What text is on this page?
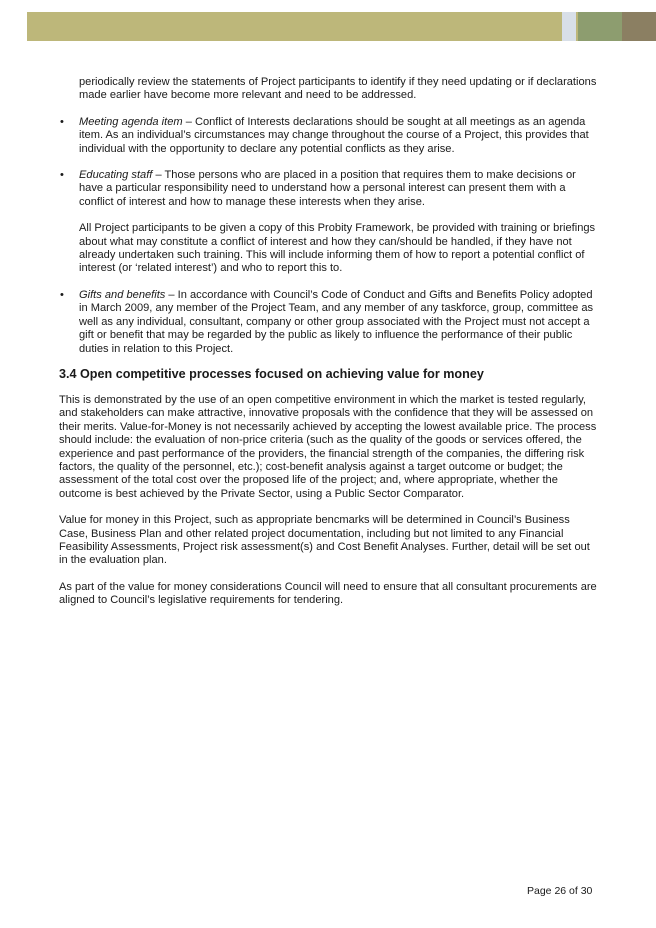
periodically review the statements of Project participants to identify if they need updating or if declarations made earlier have become more relevant and need to be addressed.

• Meeting agenda item – Conflict of Interests declarations should be sought at all meetings as an agenda item. As an individual’s circumstances may change throughout the course of a Project, this provides that individual with the opportunity to declare any potential conflicts as they arise.

• Educating staff – Those persons who are placed in a position that requires them to make decisions or have a particular responsibility need to understand how a personal interest can present them with a conflict of interest and how to manage these interests when they arise.

All Project participants to be given a copy of this Probity Framework, be provided with training or briefings about what may constitute a conflict of interest and how they can/should be handled, if they have not already undertaken such training. This will include informing them of how to report a potential conflict of interest (or ‘related interest’) and who to report this to.

• Gifts and benefits – In accordance with Council’s Code of Conduct and Gifts and Benefits Policy adopted in March 2009, any member of the Project Team, and any member of any taskforce, group, committee as well as any individual, consultant, company or other group associated with the Project must not accept a gift or benefit that may be regarded by the public as likely to influence the performance of their public duties in relation to this Project.

3.4 Open competitive processes focused on achieving value for money

This is demonstrated by the use of an open competitive environment in which the market is tested regularly, and stakeholders can make attractive, innovative proposals with the confidence that they will be assessed on their merits. Value-for-Money is not necessarily achieved by accepting the lowest available price. The process should include: the evaluation of non-price criteria (such as the quality of the goods or services offered, the experience and past performance of the providers, the financial strength of the companies, the differing risk factors, the quality of the personnel, etc.); cost-benefit analysis against a target outcome or budget; the assessment of the total cost over the proposed life of the project; and, where appropriate, whether the outcome is best achieved by the Private Sector, using a Public Sector Comparator.

Value for money in this Project, such as appropriate bencmarks will be determined in Council’s Business Case, Business Plan and other related project documentation, including but not limited to any Financial Feasibility Assessments, Project risk assessment(s) and Cost Benefit Analyses. Further, detail will be set out in the evaluation plan.

As part of the value for money considerations Council will need to ensure that all consultant procurements are aligned to Council’s legislative requirements for tendering.

Page 26 of 30
